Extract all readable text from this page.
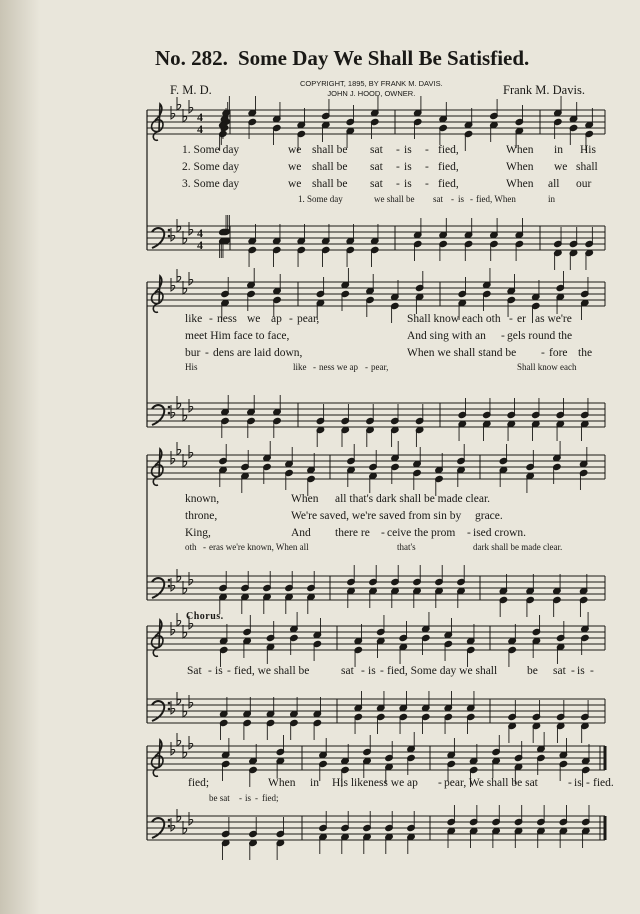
No. 282. Some Day We Shall Be Satisfied.
F. M. D.	COPYRIGHT, 1895, BY FRANK M. DAVIS.
JOHN J. HOOD, OWNER.	Frank M. Davis.
4
4
4
4
Chorus.
1. Some day	we shall be sat - is - fied,	When in His
2. Some day	we shall be sat - is - fied,	When we shall
3. Some day	we shall be sat - is - fied,	When all our
1. Some day	we shall be sat - is - fied, When	in
like - ness we ap - pear,	Shall know each oth - er as we're
meet Him face to face,	And sing with an - gels round the
bur - dens are laid down,	When we shall stand be - fore the
His	like - ness we ap - pear,	Shall know each
known,	When all that's dark shall be made clear.
throne,	We're saved, we're saved from sin by grace.
King,	And there re - ceive the prom - ised crown.
oth - eras we're known, When all	that's	dark shall be made clear.
Sat - is - fied, we shall be	sat - is - fied, Some day we shall	be sat - is -
fied;	When in His likeness we ap - pear, We shall be sat	- is - fied.
be sat - is - fied;
